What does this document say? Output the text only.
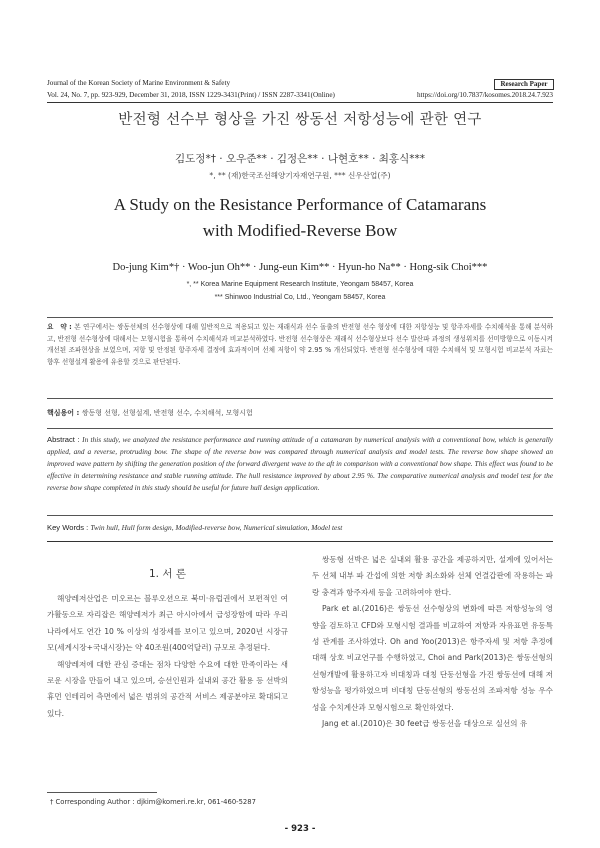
Journal of the Korean Society of Marine Environment & Safety	Research Paper
Vol. 24, No. 7, pp. 923-929, December 31, 2018, ISSN 1229-3431(Print) / ISSN 2287-3341(Online)	https://doi.org/10.7837/kosomes.2018.24.7.923
반전형 선수부 형상을 가진 쌍동선 저항성능에 관한 연구
김도정*† · 오우준** · 김정은** · 나현호** · 최홍식***
*, ** (재)한국조선해양기자재연구원, *** 신우산업(주)
A Study on the Resistance Performance of Catamarans
with Modified-Reverse Bow
Do-jung Kim*† · Woo-jun Oh** · Jung-eun Kim** · Hyun-ho Na** · Hong-sik Choi***
*, ** Korea Marine Equipment Research Institute, Yeongam 58457, Korea
*** Shinwoo Industrial Co, Ltd., Yeongam 58457, Korea
요　약 : 본 연구에서는 쌍동선체의 선수형상에 대해 일반적으로 적용되고 있는 재래식과 선수 돌출의 반전형 선수 형상에 대한 저항성능 및 항주자세를 수치해석을 통해 분석하고, 반전형 선수형상에 대해서는 모형시험을 통하여 수치해석과 비교분석하였다. 반전형 선수형상은 재래식 선수형상보다 선수 발산파 과정의 생성위치를 선미방향으로 이동시켜 개선된 조파현상을 보였으며, 저항 및 안정된 항주자세 결정에 효과적이며 선체 저항이 약 2.95 % 개선되었다. 반전형 선수형상에 대한 수치해석 및 모형시험 비교분석 자료는 향후 선형설계 활용에 유용할 것으로 판단된다.
핵심용어 : 쌍동형 선형, 선형설계, 반전형 선수, 수치해석, 모형시험
Abstract : In this study, we analyzed the resistance performance and running attitude of a catamaran by numerical analysis with a conventional bow, which is generally applied, and a reverse, protruding bow. The shape of the reverse bow was compared through numerical analysis and model tests. The reverse bow shape showed an improved wave pattern by shifting the generation position of the forward divergent wave to the aft in comparison with a conventional bow shape. This effect was found to be effective in determining resistance and stable running attitude. The hull resistance improved by about 2.95 %. The comparative numerical analysis and model test for the reverse bow shape completed in this study should be useful for future hull design application.
Key Words : Twin hull, Hull form design, Modified-reverse bow, Numerical simulation, Model test
1. 서 론

해양레저산업은 미오르는 블루오션으로 북미·유럽권에서 보편적인 여가활동으로 자리잡은 해양레저가 최근 아시아에서 급성장함에 따라 우리나라에서도 연간 10 % 이상의 성장세를 보이고 있으며, 2020년 시장규모(세계시장+국내시장)는 약 40조원(400억달러) 규모로 추정된다.

해양레저에 대한 관심 증대는 점차 다양한 수요에 대한 만족이라는 새로운 시장을 만들어 내고 있으며, 승선인원과 실내외 공간 활용 등 선박의 휴먼 인테리어 측면에서 넓은 범위의 공간적 서비스 제공분야로 확대되고 있다.

† Corresponding Author : djkim@komeri.re.kr, 061-460-5287

쌍동형 선박은 넓은 실내외 활용 공간을 제공하지만, 설계에 있어서는 두 선체 내부 파 간섭에 의한 저항 최소화와 선체 연결갑판에 작용하는 파랑 충격과 항주자세 등을 고려하여야 한다.

Park et al.(2016)은 쌍동선 선수형상의 변화에 따른 저항성능의 영향을 검토하고 CFD와 모형시험 결과를 비교하여 저항과 자유표면 유동특성 관계를 조사하였다. Oh and Yoo(2013)은 항주자세 및 저항 추정에 대해 상호 비교연구를 수행하였고, Choi and Park(2013)은 쌍동선형의 선형개발에 활용하고자 비대칭과 대칭 단동선형을 가진 쌍동선에 대해 저항성능을 평가하였으며 비대칭 단동선형의 쌍동선의 조파저항 성능 우수성을 수치계산과 모형시험으로 확인하였다.

Jang et al.(2010)은 30 feet급 쌍동선을 대상으로 실선의 유

- 923 -
